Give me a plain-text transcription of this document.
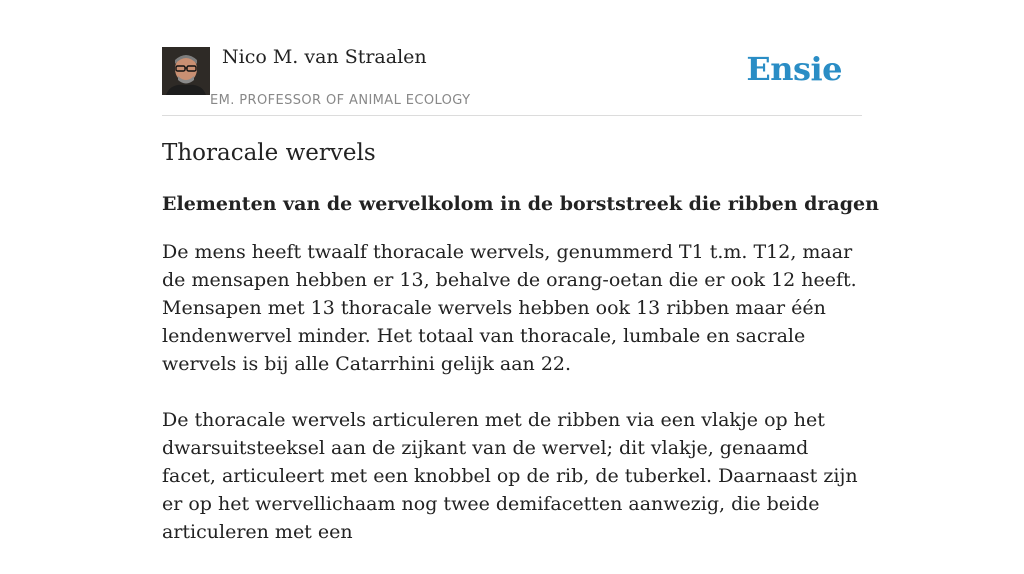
Nico M. van Straalen
EM. PROFESSOR OF ANIMAL ECOLOGY
Ensie
Thoracale wervels
Elementen van de wervelkolom in de borststreek die ribben dragen

De mens heeft twaalf thoracale wervels, genummerd T1 t.m. T12, maar de mensapen hebben er 13, behalve de orang-oetan die er ook 12 heeft. Mensapen met 13 thoracale wervels hebben ook 13 ribben maar één lendenwervel minder. Het totaal van thoracale, lumbale en sacrale wervels is bij alle Catarrhini gelijk aan 22.

De thoracale wervels articuleren met de ribben via een vlakje op het dwarsuitsteeksel aan de zijkant van de wervel; dit vlakje, genaamd facet, articuleert met een knobbel op de rib, de tuberkel. Daarnaast zijn er op het wervellichaam nog twee demifacetten aanwezig, die beide articuleren met een
